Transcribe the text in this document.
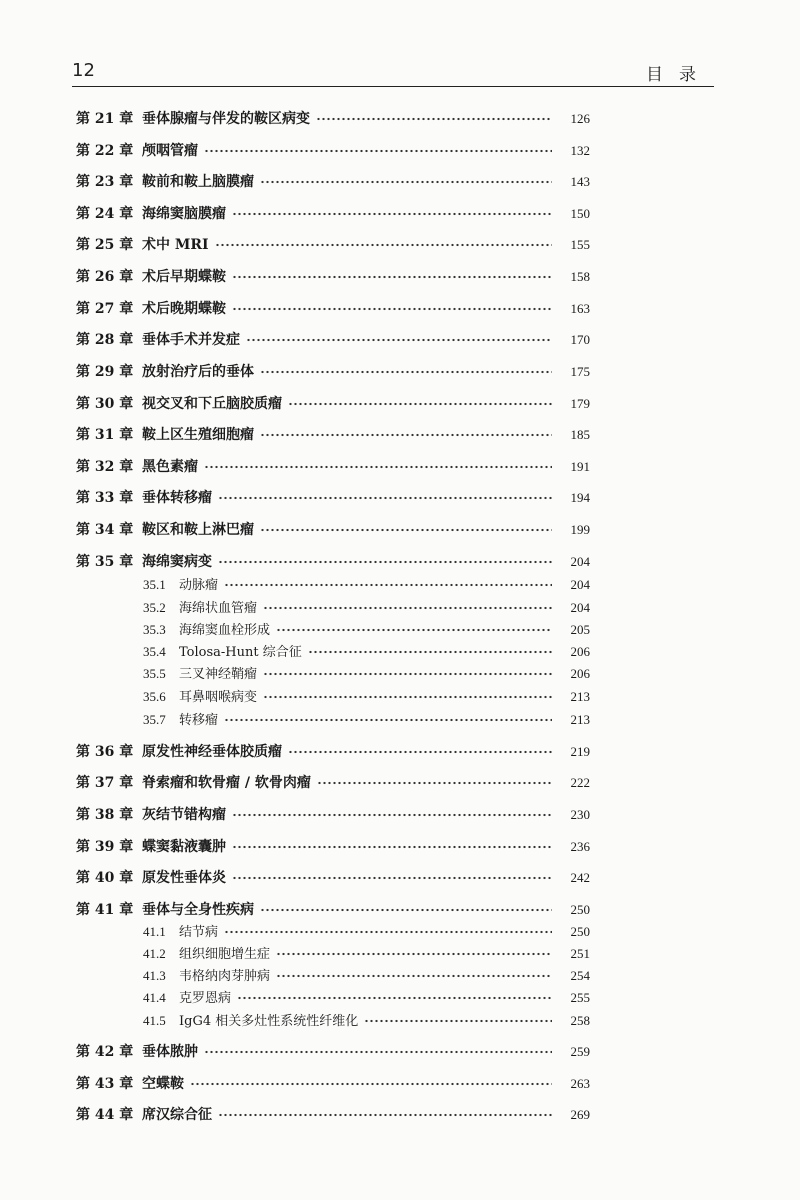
12	目录
第 21 章 垂体腺瘤与伴发的鞍区病变	126
第 22 章 颅咽管瘤	132
第 23 章 鞍前和鞍上脑膜瘤	143
第 24 章 海绵窦脑膜瘤	150
第 25 章 术中 MRI	155
第 26 章 术后早期蝶鞍	158
第 27 章 术后晚期蝶鞍	163
第 28 章 垂体手术并发症	170
第 29 章 放射治疗后的垂体	175
第 30 章 视交叉和下丘脑胶质瘤	179
第 31 章 鞍上区生殖细胞瘤	185
第 32 章 黑色素瘤	191
第 33 章 垂体转移瘤	194
第 34 章 鞍区和鞍上淋巴瘤	199
第 35 章 海绵窦病变	204
35.1	动脉瘤	204
35.2	海绵状血管瘤	204
35.3	海绵窦血栓形成	205
35.4	Tolosa-Hunt 综合征	206
35.5	三叉神经鞘瘤	206
35.6	耳鼻咽喉病变	213
35.7	转移瘤	213
第 36 章 原发性神经垂体胶质瘤	219
第 37 章 脊索瘤和软骨瘤 / 软骨肉瘤	222
第 38 章 灰结节错构瘤	230
第 39 章 蝶窦黏液囊肿	236
第 40 章 原发性垂体炎	242
第 41 章 垂体与全身性疾病	250
41.1	结节病	250
41.2	组织细胞增生症	251
41.3	韦格纳肉芽肿病	254
41.4	克罗恩病	255
41.5	IgG4 相关多灶性系统性纤维化	258
第 42 章 垂体脓肿	259
第 43 章 空蝶鞍	263
第 44 章 席汉综合征	269
